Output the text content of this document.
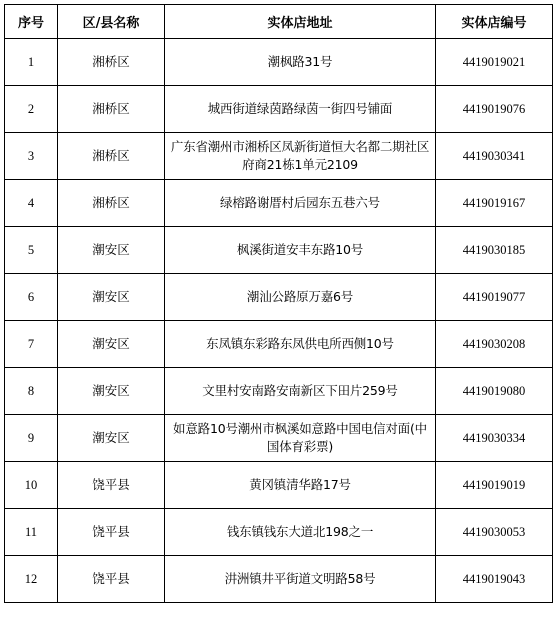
序号	区/县名称	实体店地址	实体店编号
1	湘桥区	潮枫路31号	4419019021
2	湘桥区	城西街道绿茵路绿茵一街四号铺面	4419019076
3	湘桥区	广东省潮州市湘桥区凤新街道恒大名都二期社区府商21栋1单元2109	4419030341
4	湘桥区	绿榕路谢厝村后园东五巷六号	4419019167
5	潮安区	枫溪街道安丰东路10号	4419030185
6	潮安区	潮汕公路原万嘉6号	4419019077
7	潮安区	东凤镇东彩路东凤供电所西侧10号	4419030208
8	潮安区	文里村安南路安南新区下田片259号	4419019080
9	潮安区	如意路10号潮州市枫溪如意路中国电信对面(中国体育彩票)	4419030334
10	饶平县	黄冈镇清华路17号	4419019019
11	饶平县	钱东镇钱东大道北198之一	4419030053
12	饶平县	汫洲镇井平街道文明路58号	4419019043
